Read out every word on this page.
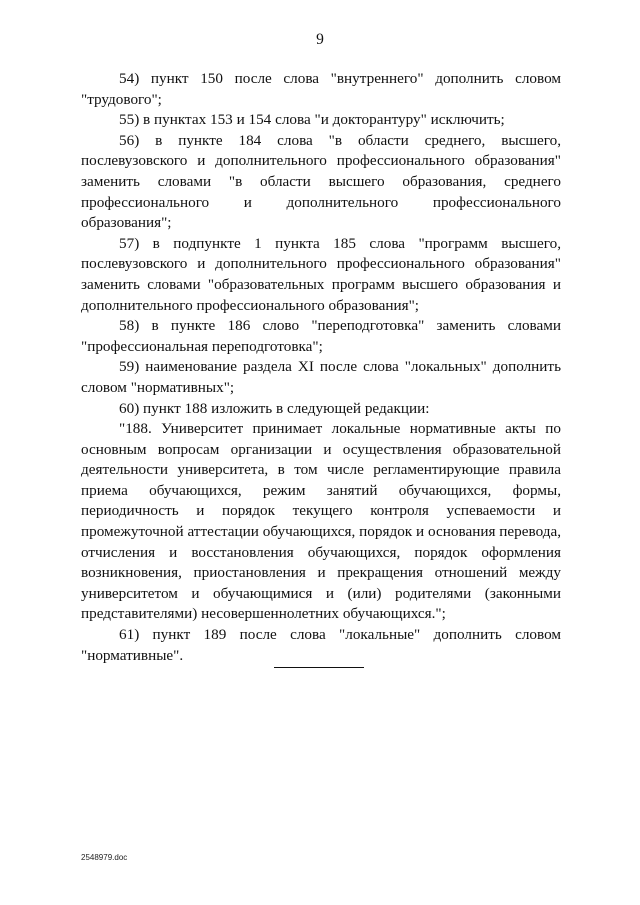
9

54) пункт 150 после слова "внутреннего" дополнить словом "трудового";

55) в пунктах 153 и 154 слова "и докторантуру" исключить;

56) в пункте 184 слова "в области среднего, высшего, послевузовского и дополнительного профессионального образования" заменить словами "в области высшего образования, среднего профессионального и дополнительного профессионального образования";

57) в подпункте 1 пункта 185 слова "программ высшего, послевузовского и дополнительного профессионального образования" заменить словами "образовательных программ высшего образования и дополнительного профессионального образования";

58) в пункте 186 слово "переподготовка" заменить словами "профессиональная переподготовка";

59) наименование раздела XI после слова "локальных" дополнить словом "нормативных";

60) пункт 188 изложить в следующей редакции:

"188. Университет принимает локальные нормативные акты по основным вопросам организации и осуществления образовательной деятельности университета, в том числе регламентирующие правила приема обучающихся, режим занятий обучающихся, формы, периодичность и порядок текущего контроля успеваемости и промежуточной аттестации обучающихся, порядок и основания перевода, отчисления и восстановления обучающихся, порядок оформления возникновения, приостановления и прекращения отношений между университетом и обучающимися и (или) родителями (законными представителями) несовершеннолетних обучающихся.";

61) пункт 189 после слова "локальные" дополнить словом "нормативные".

2548979.doc
